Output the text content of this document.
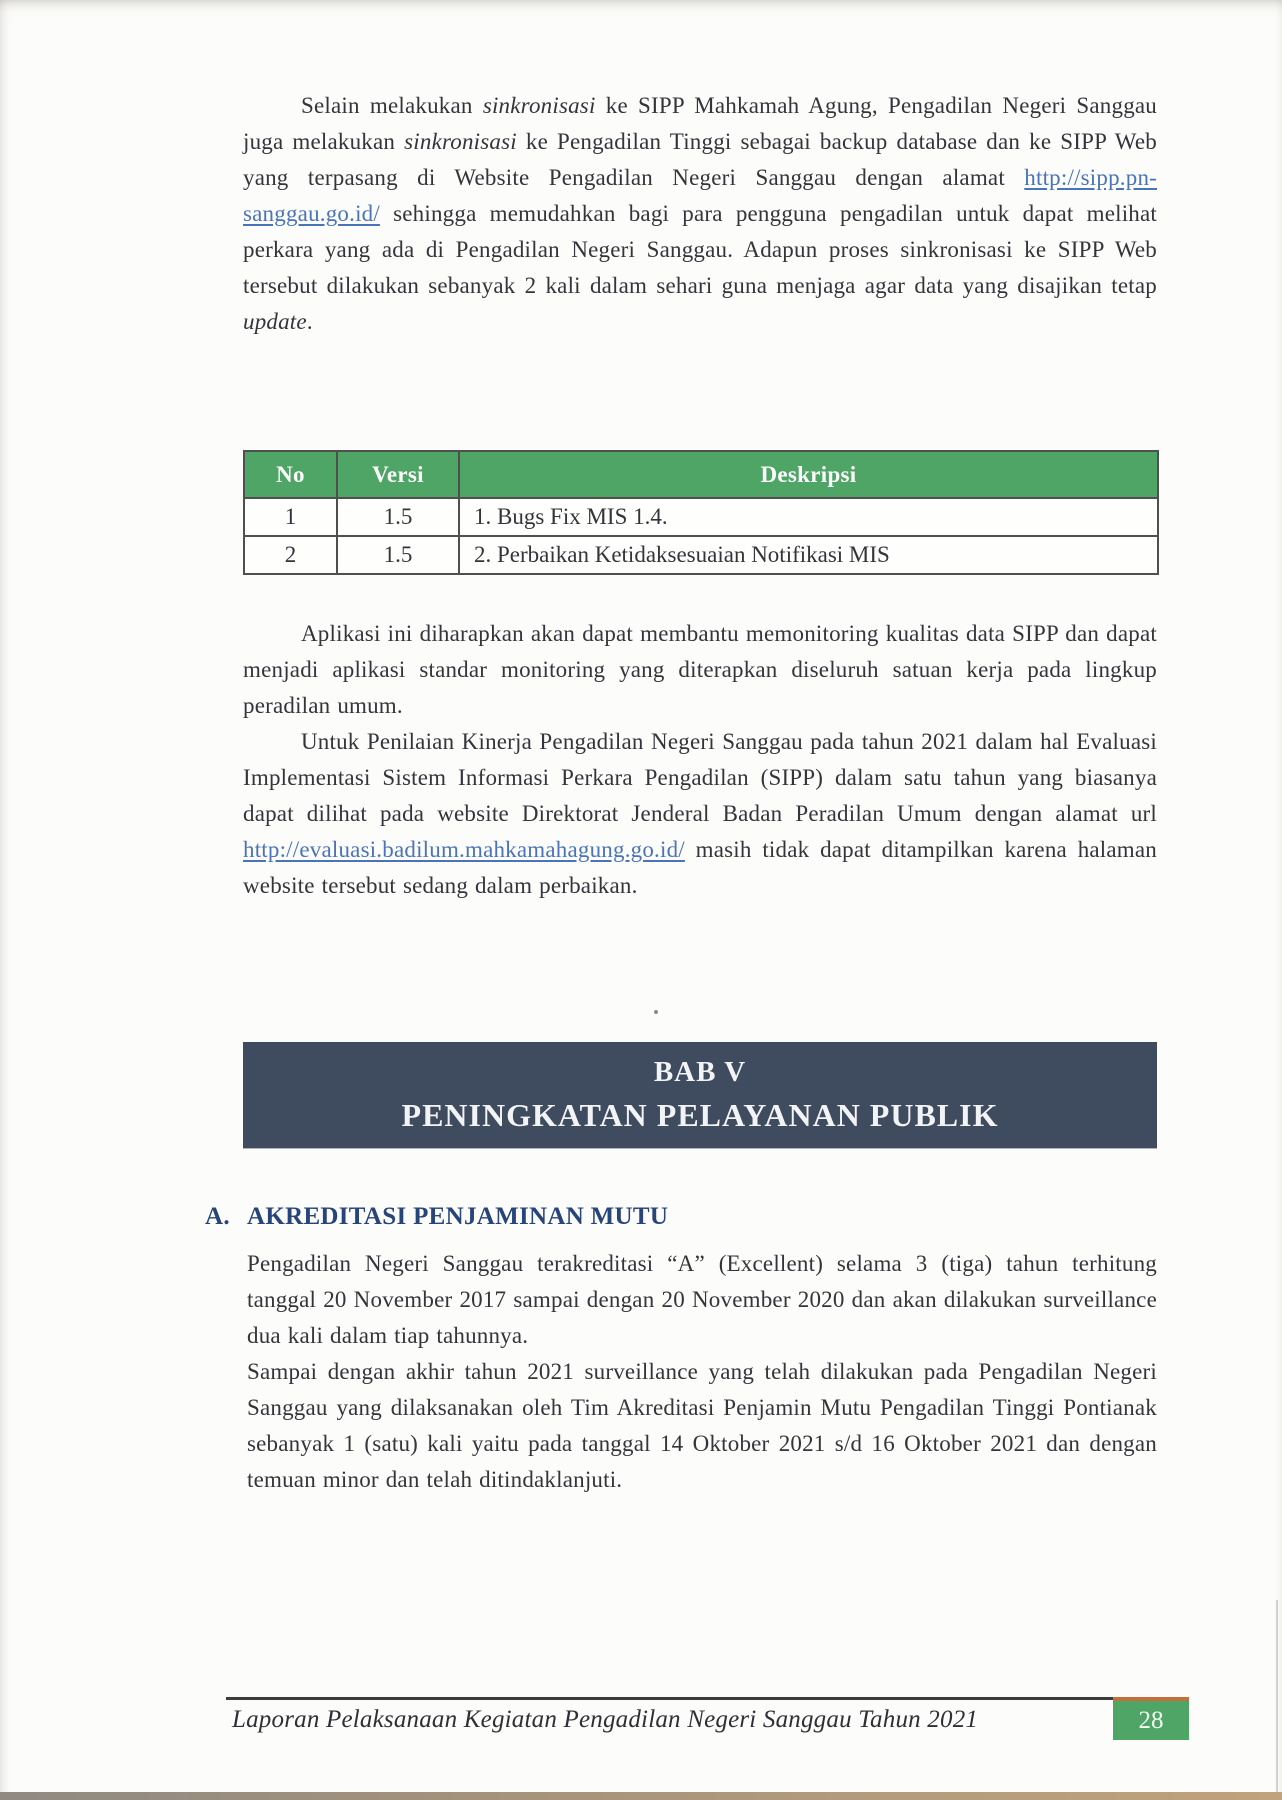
Selain melakukan sinkronisasi ke SIPP Mahkamah Agung, Pengadilan Negeri Sanggau juga melakukan sinkronisasi ke Pengadilan Tinggi sebagai backup database dan ke SIPP Web yang terpasang di Website Pengadilan Negeri Sanggau dengan alamat http://sipp.pn-sanggau.go.id/ sehingga memudahkan bagi para pengguna pengadilan untuk dapat melihat perkara yang ada di Pengadilan Negeri Sanggau. Adapun proses sinkronisasi ke SIPP Web tersebut dilakukan sebanyak 2 kali dalam sehari guna menjaga agar data yang disajikan tetap update.

No	Versi	Deskripsi
1	1.5	1. Bugs Fix MIS 1.4.
2	1.5	2. Perbaikan Ketidaksesuaian Notifikasi MIS

Aplikasi ini diharapkan akan dapat membantu memonitoring kualitas data SIPP dan dapat menjadi aplikasi standar monitoring yang diterapkan diseluruh satuan kerja pada lingkup peradilan umum.

Untuk Penilaian Kinerja Pengadilan Negeri Sanggau pada tahun 2021 dalam hal Evaluasi Implementasi Sistem Informasi Perkara Pengadilan (SIPP) dalam satu tahun yang biasanya dapat dilihat pada website Direktorat Jenderal Badan Peradilan Umum dengan alamat url http://evaluasi.badilum.mahkamahagung.go.id/ masih tidak dapat ditampilkan karena halaman website tersebut sedang dalam perbaikan.

BAB V
PENINGKATAN PELAYANAN PUBLIK
A. AKREDITASI PENJAMINAN MUTU

Pengadilan Negeri Sanggau terakreditasi “A” (Excellent) selama 3 (tiga) tahun terhitung tanggal 20 November 2017 sampai dengan 20 November 2020 dan akan dilakukan surveillance dua kali dalam tiap tahunnya.

Sampai dengan akhir tahun 2021 surveillance yang telah dilakukan pada Pengadilan Negeri Sanggau yang dilaksanakan oleh Tim Akreditasi Penjamin Mutu Pengadilan Tinggi Pontianak sebanyak 1 (satu) kali yaitu pada tanggal 14 Oktober 2021 s/d 16 Oktober 2021 dan dengan temuan minor dan telah ditindaklanjuti.

Laporan Pelaksanaan Kegiatan Pengadilan Negeri Sanggau Tahun 2021	28
